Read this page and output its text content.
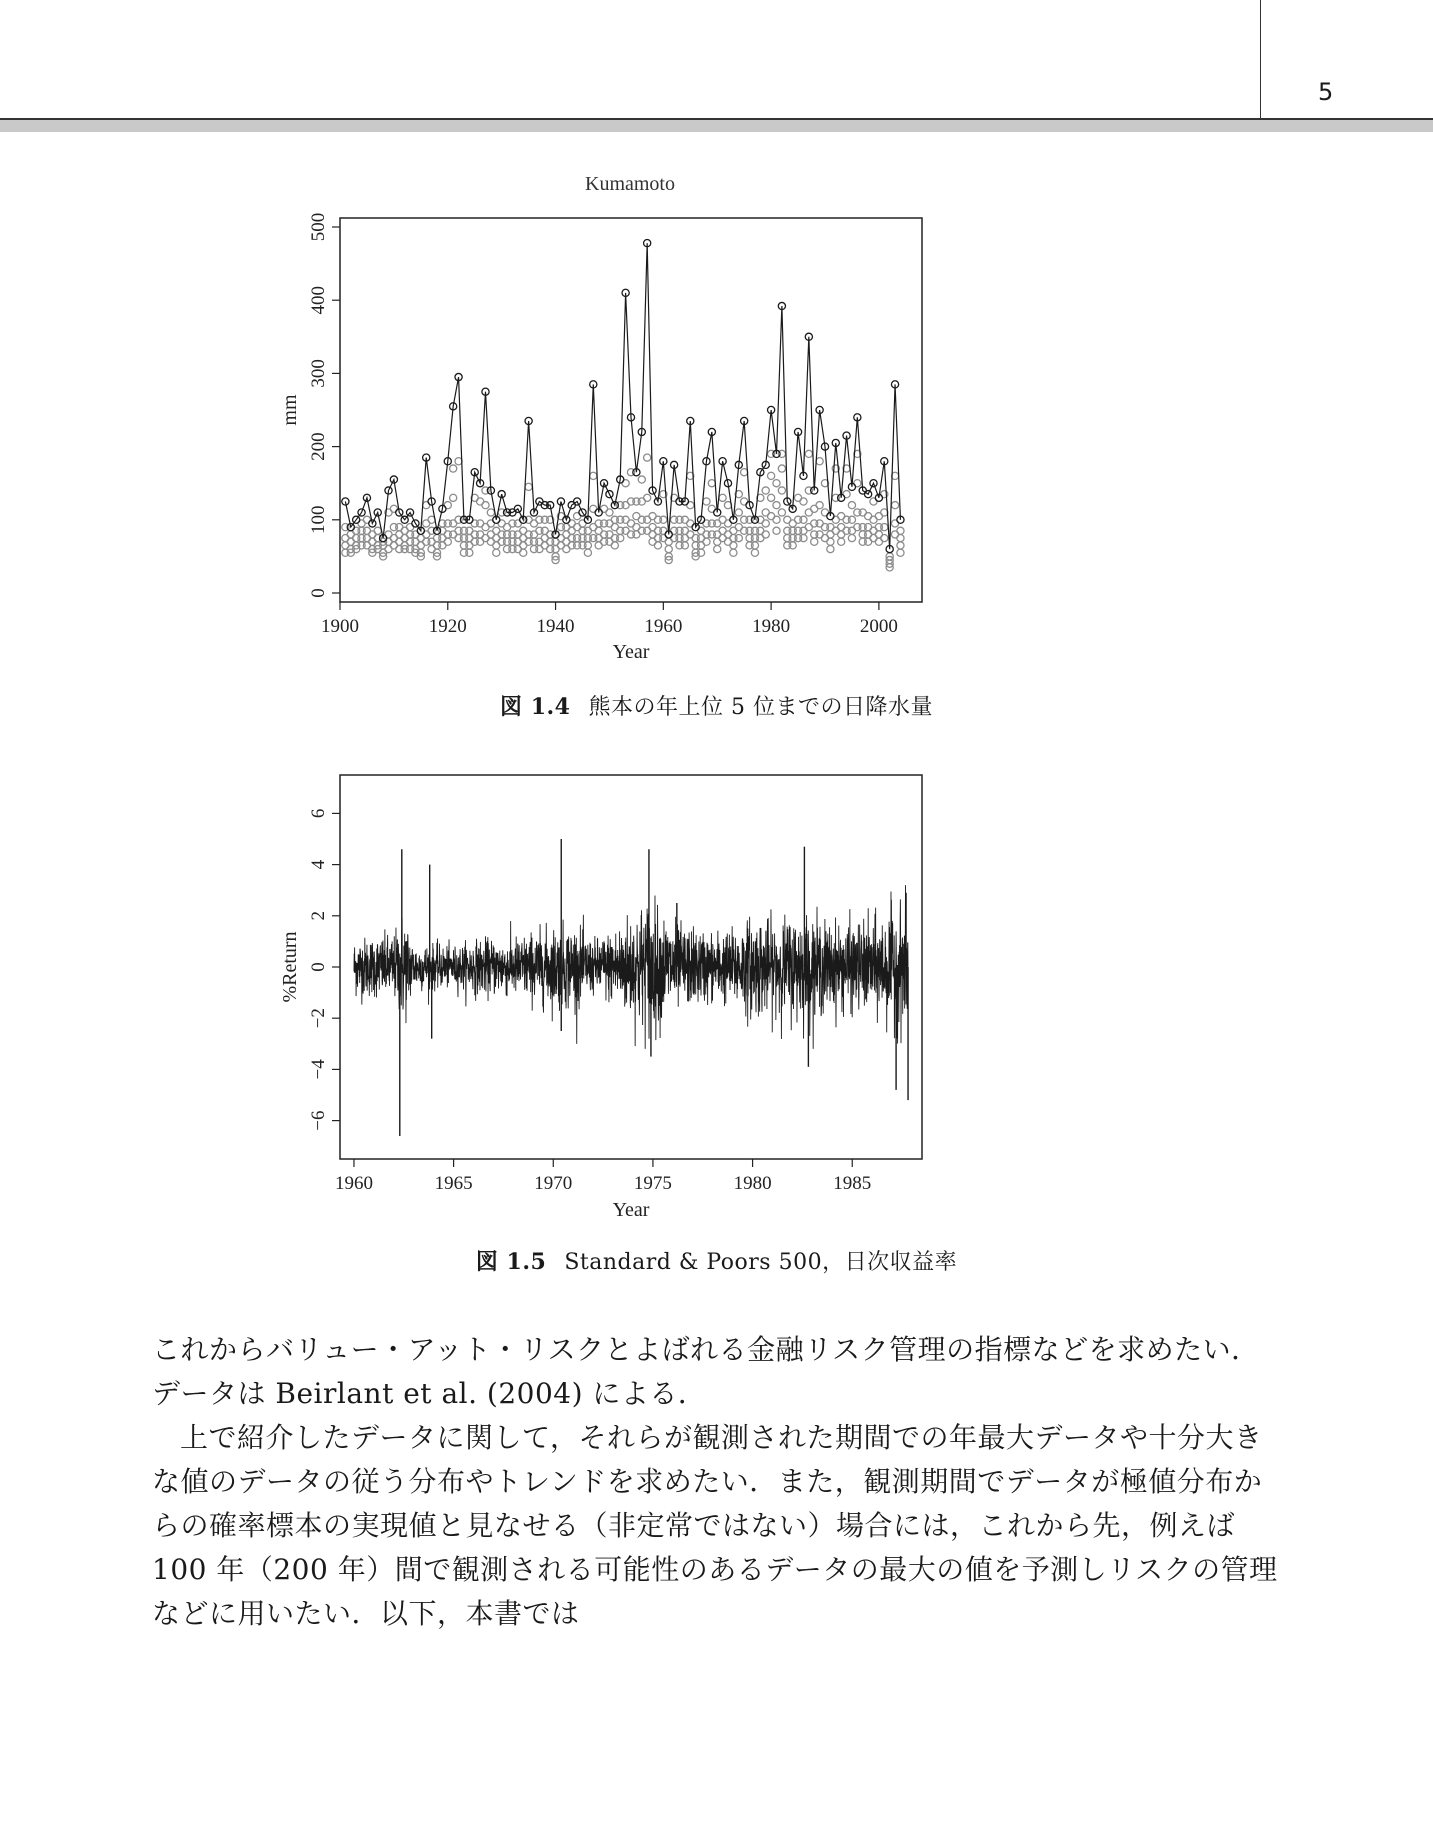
5
Kumamoto
1900	1920	1940	1960	1980	2000
0
100
200
300
400
500
Year
mm
図 1.4 熊本の年上位 5 位までの日降水量
1960	1965	1970	1975	1980	1985
−6
−4
−2
0
2
4
6
Year
%Return
図 1.5 Standard & Poors 500，日次収益率

これからバリュー・アット・リスクとよばれる金融リスク管理の指標などを求めたい．データは Beirlant et al. (2004) による．

上で紹介したデータに関して，それらが観測された期間での年最大データや十分大きな値のデータの従う分布やトレンドを求めたい．また，観測期間でデータが極値分布からの確率標本の実現値と見なせる（非定常ではない）場合には，これから先，例えば 100 年（200 年）間で観測される可能性のあるデータの最大の値を予測しリスクの管理などに用いたい．以下，本書では
